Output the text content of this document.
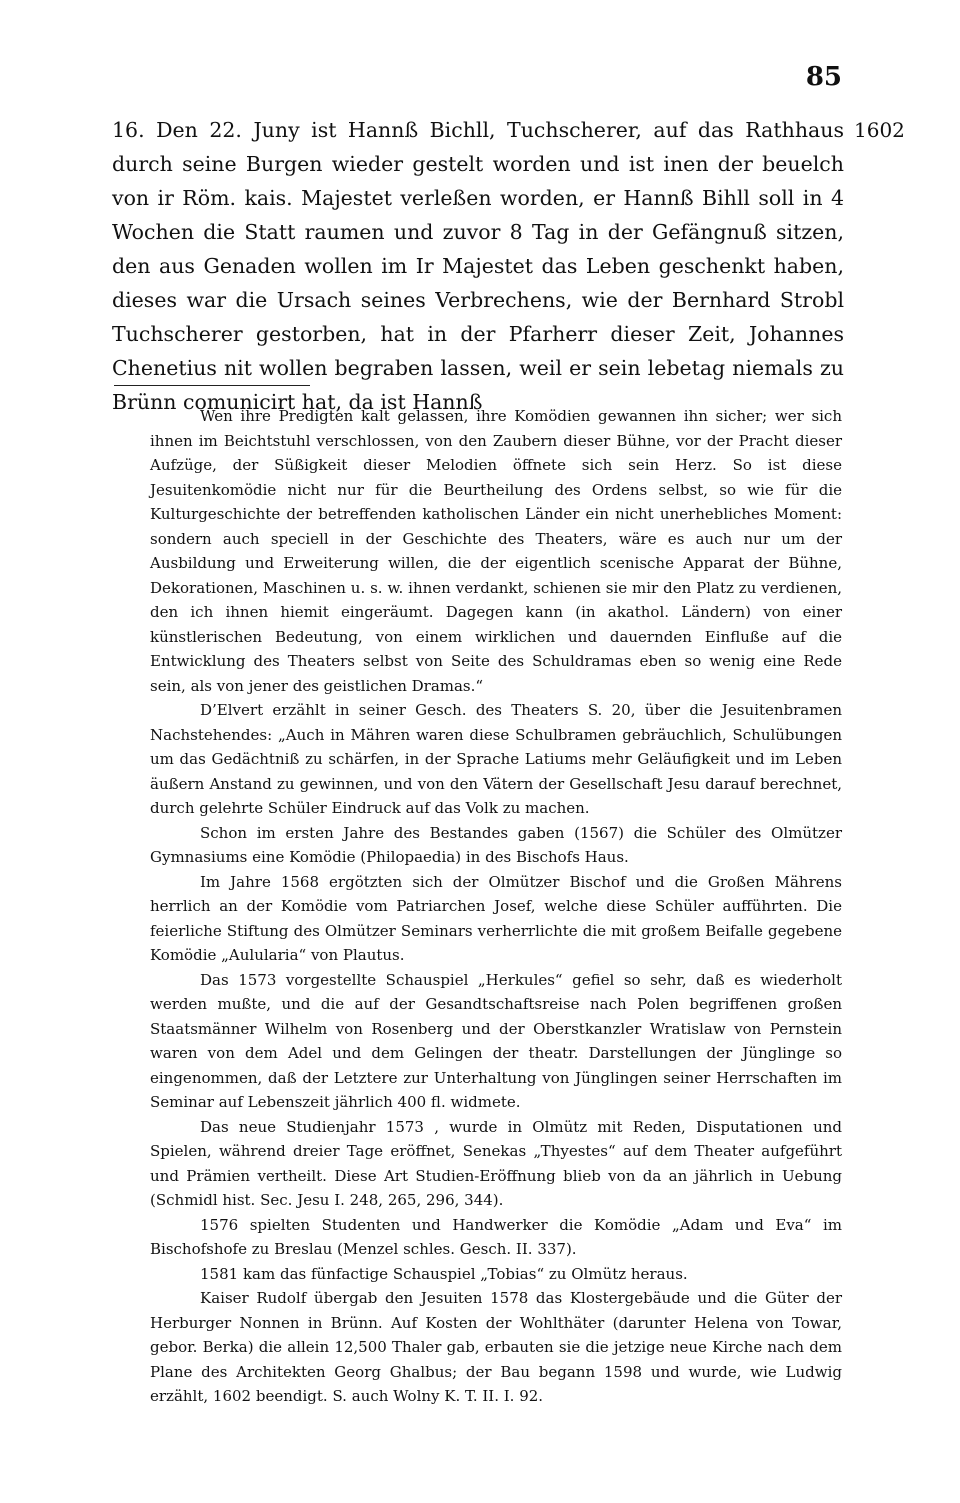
85

16. Den 22. Juny ist Hannß Bichll, Tuchscherer, auf das Rathhaus durch seine Burgen wieder gestelt worden und ist inen der beuelch von ir Röm. kais. Majestet verleßen worden, er Hannß Bihll soll in 4 Wochen die Statt raumen und zuvor 8 Tag in der Gefängnuß sitzen, den aus Genaden wollen im Ir Majestet das Leben geschenkt haben, dieses war die Ursach seines Verbrechens, wie der Bernhard Strobl Tuchscherer gestorben, hat in der Pfarherr dieser Zeit, Johannes Chenetius nit wollen begraben lassen, weil er sein lebetag niemals zu Brünn comunicirt hat, da ist Hannß

1602

Wen ihre Predigten kalt gelassen, ihre Komödien gewannen ihn sicher; wer sich ihnen im Beichtstuhl verschlossen, von den Zaubern dieser Bühne, vor der Pracht dieser Aufzüge, der Süßigkeit dieser Melodien öffnete sich sein Herz. So ist diese Jesuitenkomödie nicht nur für die Beurtheilung des Ordens selbst, so wie für die Kulturgeschichte der betreffenden katholischen Länder ein nicht unerhebliches Moment: sondern auch speciell in der Geschichte des Theaters, wäre es auch nur um der Ausbildung und Erweiterung willen, die der eigentlich scenische Apparat der Bühne, Dekorationen, Maschinen u. s. w. ihnen verdankt, schienen sie mir den Platz zu verdienen, den ich ihnen hiemit eingeräumt. Dagegen kann (in akathol. Ländern) von einer künstlerischen Bedeutung, von einem wirklichen und dauernden Einfluße auf die Entwicklung des Theaters selbst von Seite des Schuldramas eben so wenig eine Rede sein, als von jener des geistlichen Dramas.“

D’Elvert erzählt in seiner Gesch. des Theaters S. 20, über die Jesuitenbramen Nachstehendes: „Auch in Mähren waren diese Schulbramen gebräuchlich, Schulübungen um das Gedächtniß zu schärfen, in der Sprache Latiums mehr Geläufigkeit und im Leben äußern Anstand zu gewinnen, und von den Vätern der Gesellschaft Jesu darauf berechnet, durch gelehrte Schüler Eindruck auf das Volk zu machen.

Schon im ersten Jahre des Bestandes gaben (1567) die Schüler des Olmützer Gymnasiums eine Komödie (Philopaedia) in des Bischofs Haus.

Im Jahre 1568 ergötzten sich der Olmützer Bischof und die Großen Mährens herrlich an der Komödie vom Patriarchen Josef, welche diese Schüler aufführten. Die feierliche Stiftung des Olmützer Seminars verherrlichte die mit großem Beifalle gegebene Komödie „Aulularia“ von Plautus.

Das 1573 vorgestellte Schauspiel „Herkules“ gefiel so sehr, daß es wiederholt werden mußte, und die auf der Gesandtschaftsreise nach Polen begriffenen großen Staatsmänner Wilhelm von Rosenberg und der Oberstkanzler Wratislaw von Pernstein waren von dem Adel und dem Gelingen der theatr. Darstellungen der Jünglinge so eingenommen, daß der Letztere zur Unterhaltung von Jünglingen seiner Herrschaften im Seminar auf Lebenszeit jährlich 400 fl. widmete.

Das neue Studienjahr 1573 , wurde in Olmütz mit Reden, Disputationen und Spielen, während dreier Tage eröffnet, Senekas „Thyestes“ auf dem Theater aufgeführt und Prämien vertheilt. Diese Art Studien-Eröffnung blieb von da an jährlich in Uebung (Schmidl hist. Sec. Jesu I. 248, 265, 296, 344).

1576 spielten Studenten und Handwerker die Komödie „Adam und Eva“ im Bischofshofe zu Breslau (Menzel schles. Gesch. II. 337).

1581 kam das fünfactige Schauspiel „Tobias“ zu Olmütz heraus.

Kaiser Rudolf übergab den Jesuiten 1578 das Klostergebäude und die Güter der Herburger Nonnen in Brünn. Auf Kosten der Wohlthäter (darunter Helena von Towar, gebor. Berka) die allein 12,500 Thaler gab, erbauten sie die jetzige neue Kirche nach dem Plane des Architekten Georg Ghalbus; der Bau begann 1598 und wurde, wie Ludwig erzählt, 1602 beendigt. S. auch Wolny K. T. II. I. 92.
